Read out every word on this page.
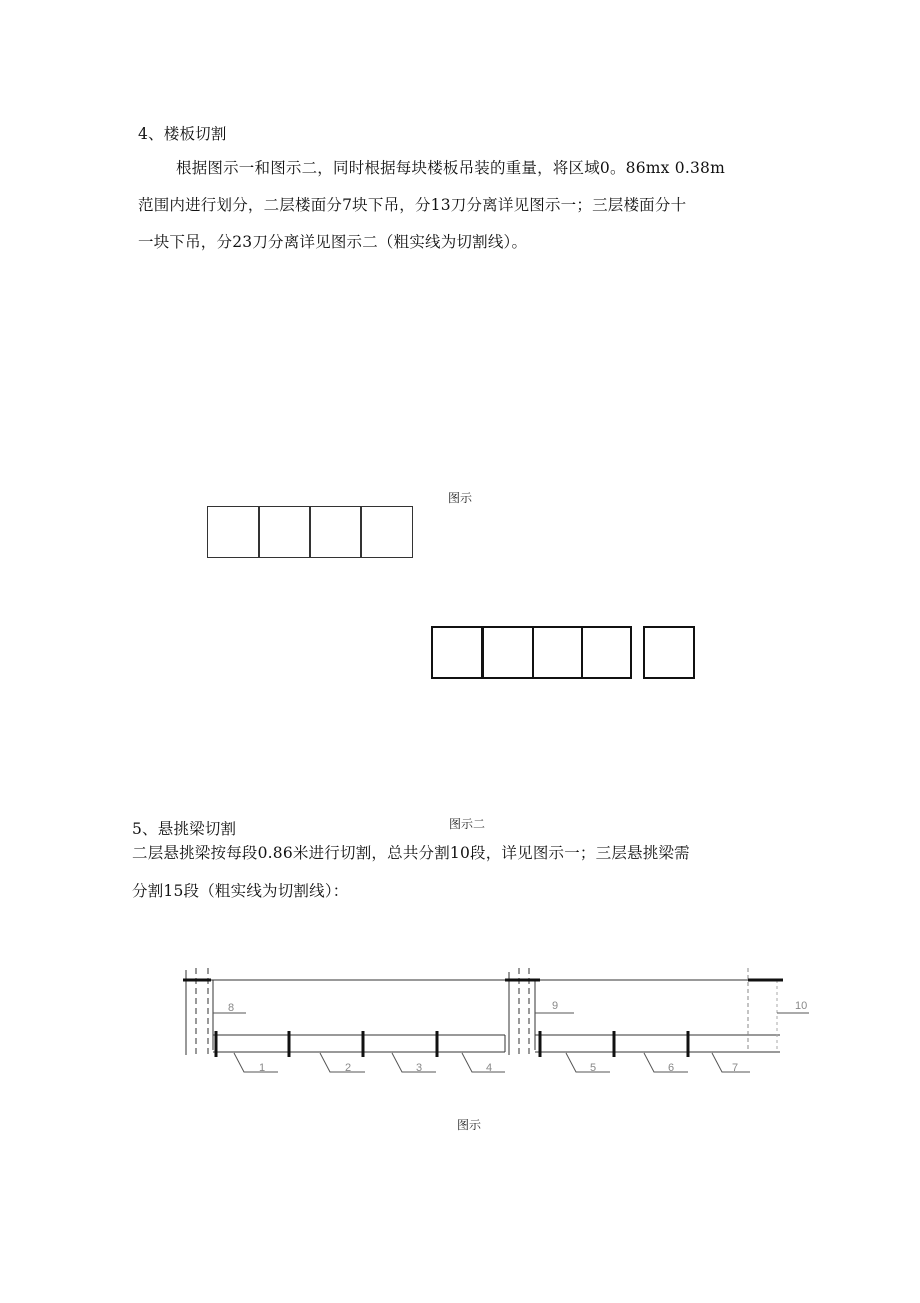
4、楼板切割
根据图示一和图示二，同时根据每块楼板吊装的重量，将区域0。86mx 0.38m
范围内进行划分，二层楼面分7块下吊，分13刀分离详见图示一；三层楼面分十
一块下吊，分23刀分离详见图示二（粗实线为切割线）。
图示
5、悬挑梁切割	图示二
二层悬挑梁按每段0.86米进行切割，总共分割10段，详见图示一；三层悬挑梁需
分割15段（粗实线为切割线）：
1	2	3	4	5	6	7
8	9	10
图示
